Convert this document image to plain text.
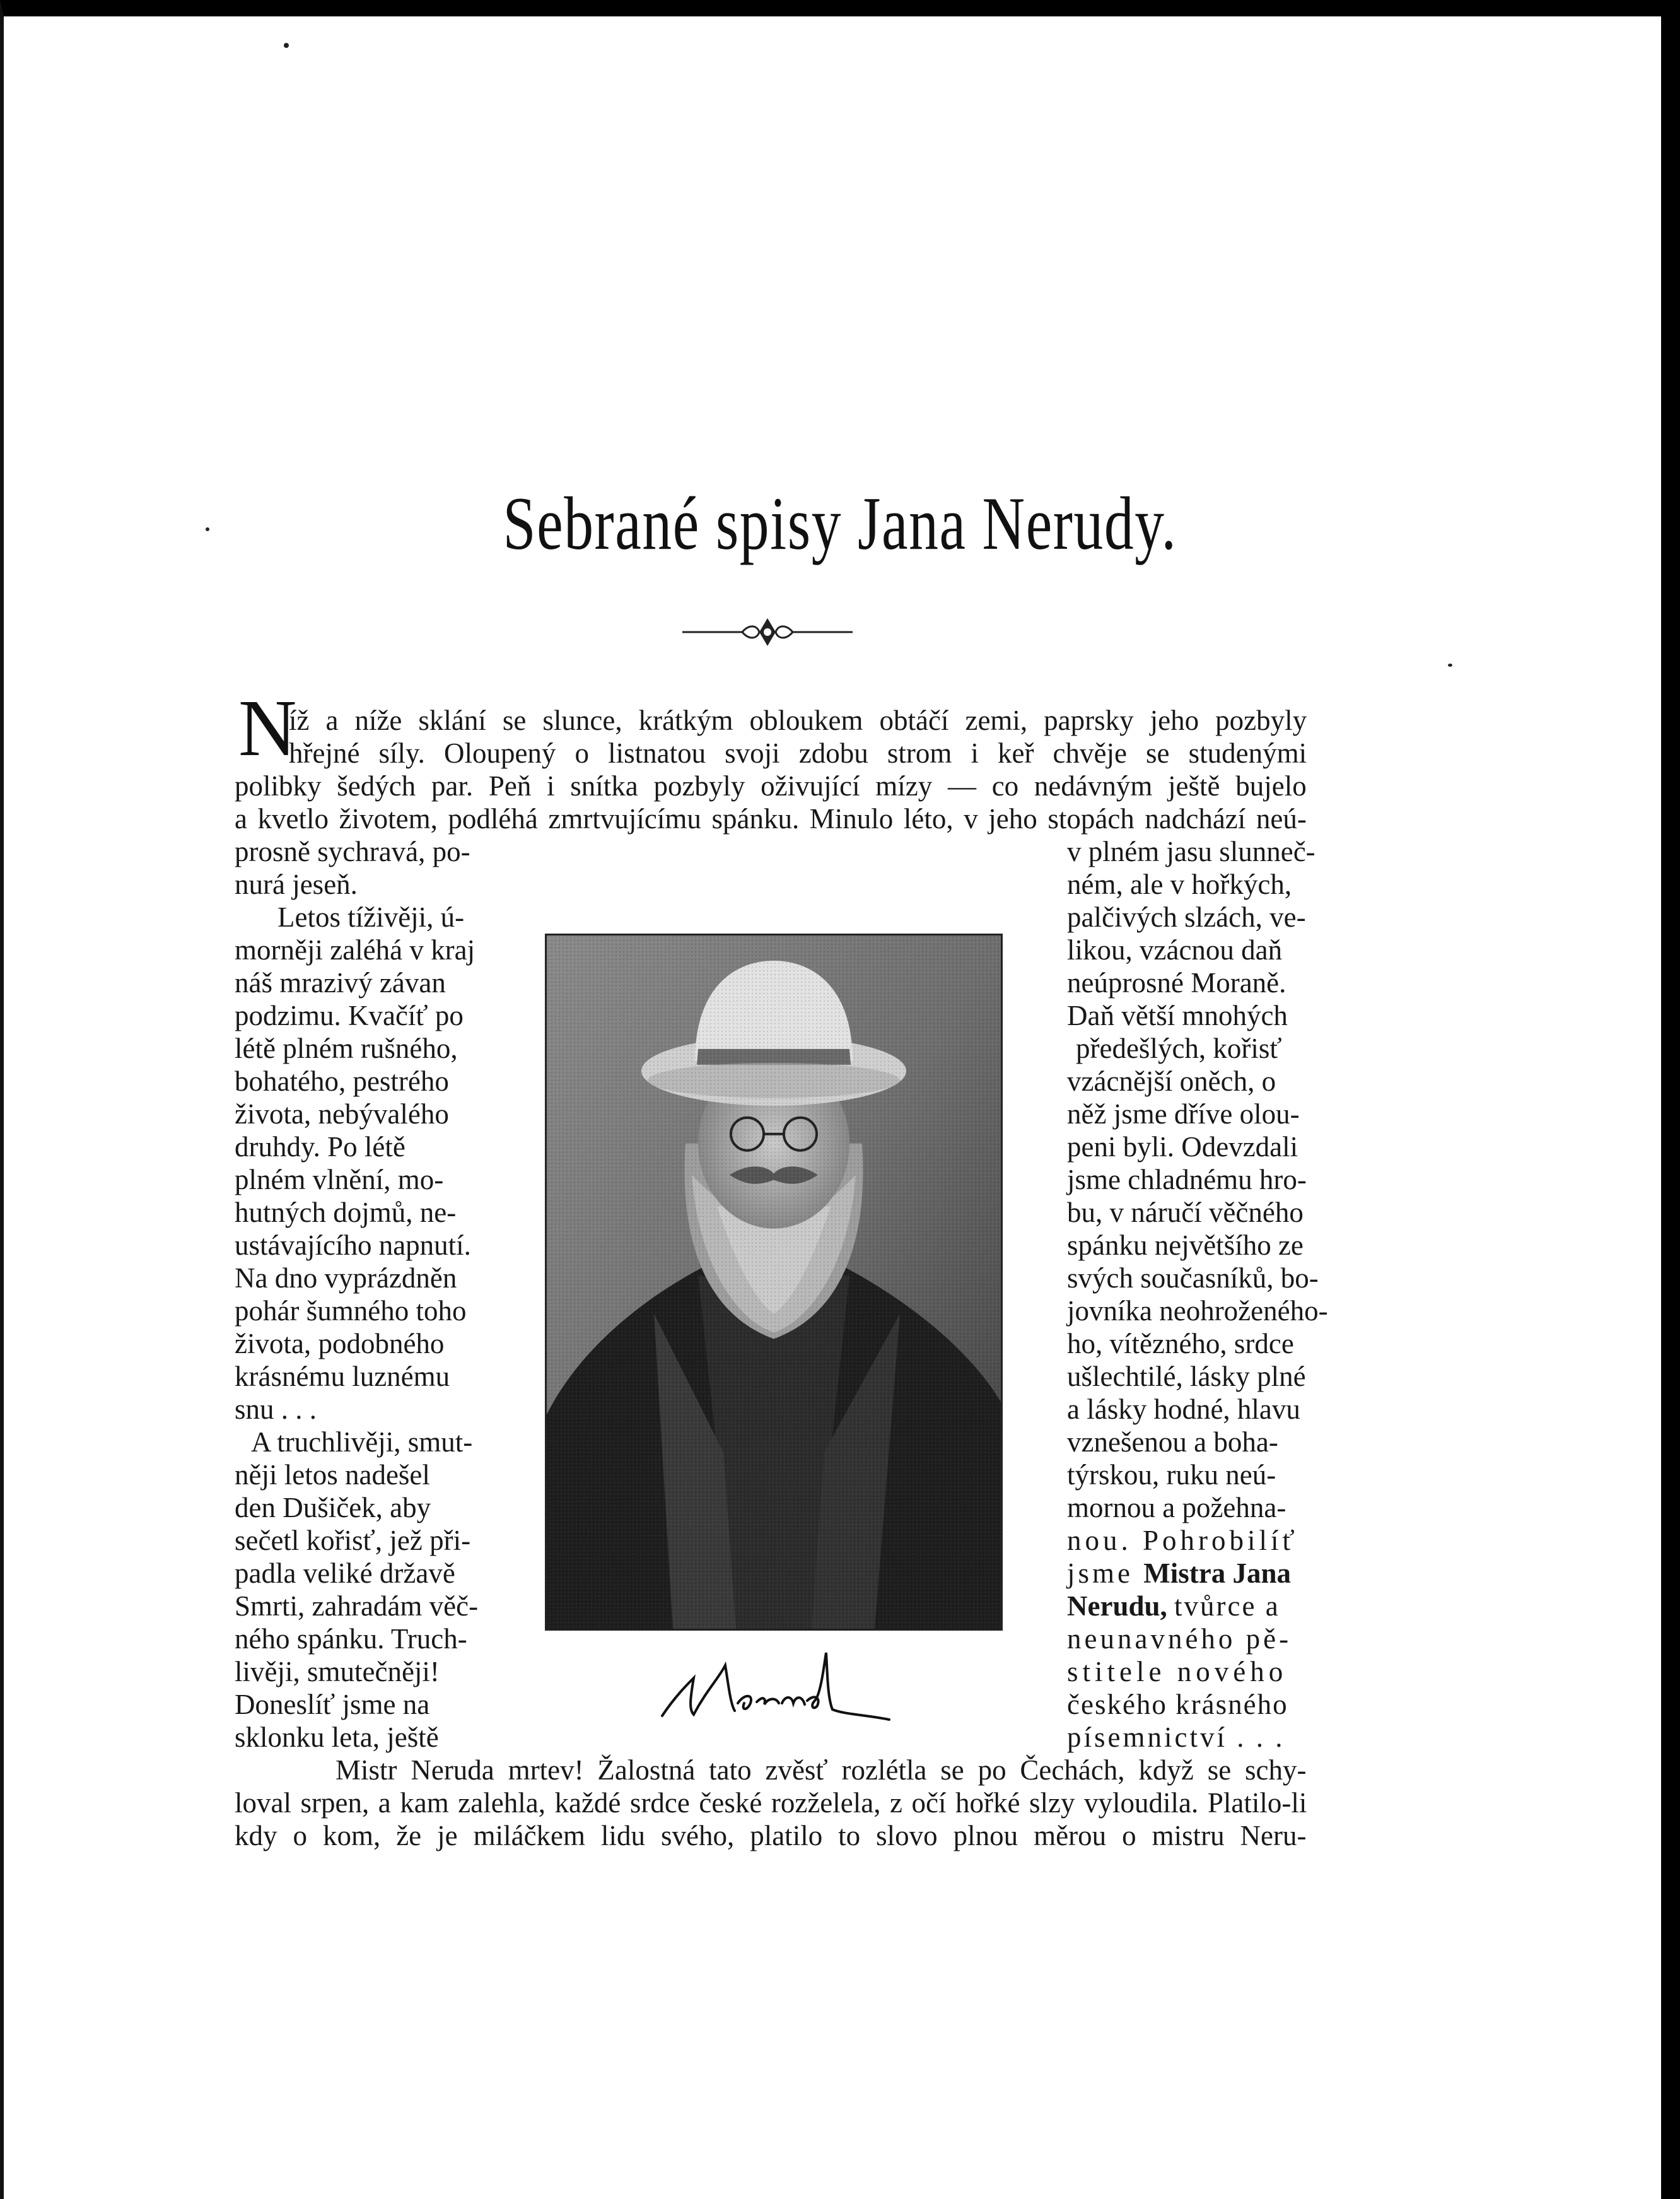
Sebrané spisy Jana Nerudy.
N
íž a níže sklání se slunce, krátkým obloukem obtáčí zemi, paprsky jeho pozbyly
hřejné síly. Oloupený o listnatou svoji zdobu strom i keř chvěje se studenými
polibky šedých par. Peň i snítka pozbyly oživující mízy — co nedávným ještě bujelo
a kvetlo životem, podléhá zmrtvujícímu spánku. Minulo léto, v jeho stopách nadchází neú-
prosně sychravá, po-
nurá jeseň.
Letos tíživěji, ú-
morněji zaléhá v kraj
náš mrazivý závan
podzimu. Kvačíť po
létě plném rušného,
bohatého, pestrého
života, nebývalého
druhdy. Po létě
plném vlnění, mo-
hutných dojmů, ne-
ustávajícího napnutí.
Na dno vyprázdněn
pohár šumného toho
života, podobného
krásnému luznému
snu . . .
A truchlivěji, smut-
něji letos nadešel
den Dušiček, aby
sečetl kořisť, jež při-
padla veliké državě
Smrti, zahradám věč-
ného spánku. Truch-
livěji, smutečněji!
Doneslíť jsme na
sklonku leta, ještě
v plném jasu slunneč-
ném, ale v hořkých,
palčivých slzách, ve-
likou, vzácnou daň
neúprosné Moraně.
Daň větší mnohých
předešlých, kořisť
vzácnější oněch, o
něž jsme dříve olou-
peni byli. Odevzdali
jsme chladnému hro-
bu, v náručí věčného
spánku největšího ze
svých současníků, bo-
jovníka neohroženého-
ho, vítězného, srdce
ušlechtilé, lásky plné
a lásky hodné, hlavu
vznešenou a boha-
týrskou, ruku neú-
mornou a požehna-
nou. Pohrobilíť
jsme Mistra Jana
Nerudu, tvůrce a
neunavného pě-
stitele nového
českého krásného
písemnictví . . .
Mistr Neruda mrtev! Žalostná tato zvěsť rozlétla se po Čechách, když se schy-
loval srpen, a kam zalehla, každé srdce české rozželela, z očí hořké slzy vyloudila. Platilo-li
kdy o kom, že je miláčkem lidu svého, platilo to slovo plnou měrou o mistru Neru-
